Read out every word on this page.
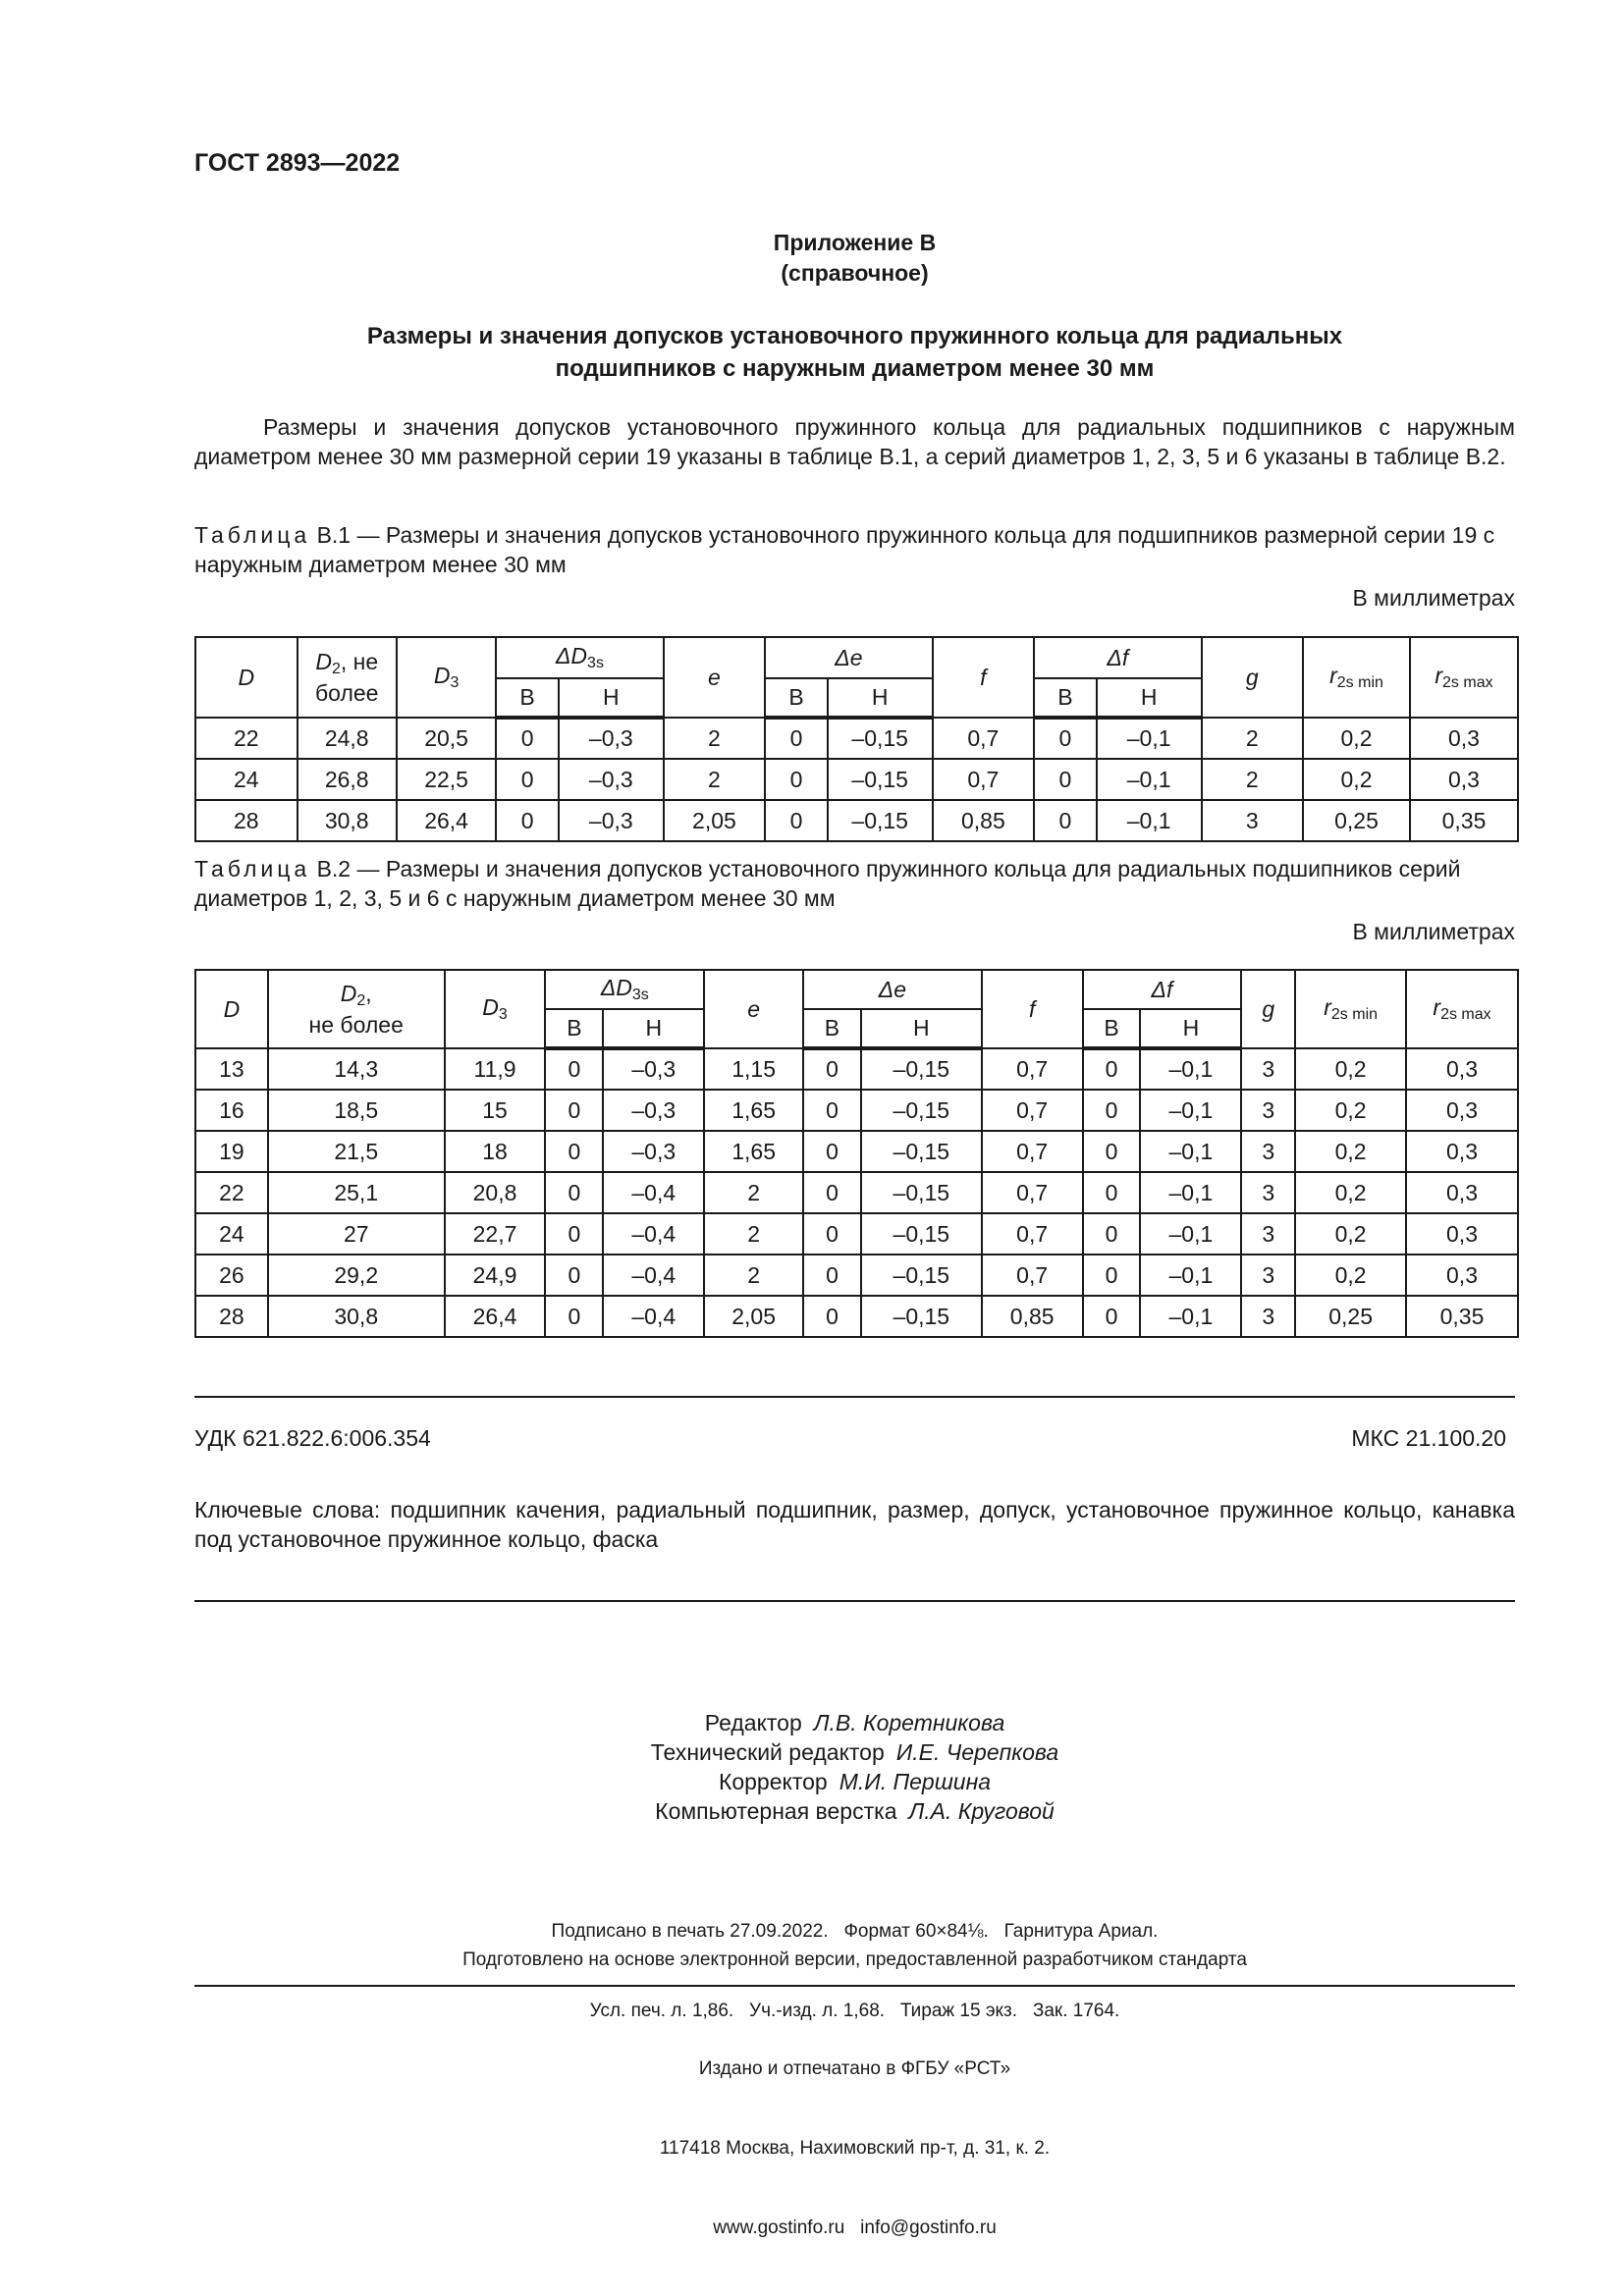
ГОСТ 2893—2022
Приложение В
(справочное)
Размеры и значения допусков установочного пружинного кольца для радиальных
подшипников с наружным диаметром менее 30 мм
Размеры и значения допусков установочного пружинного кольца для радиальных подшипников с наружным диаметром менее 30 мм размерной серии 19 указаны в таблице В.1, а серий диаметров 1, 2, 3, 5 и 6 указаны в таблице В.2.
Таблица В.1 — Размеры и значения допусков установочного пружинного кольца для подшипников размерной серии 19 с наружным диаметром менее 30 мм
В миллиметрах
D	$D_2$, не более	$D_3$	$\Delta D_{3s}$		e	Δe		f	Δf		g	$r_{2s min}$	$r_{2s max}$
			В	Н		В	Н		В	Н			
22	24,8	20,5	0	–0,3	2	0	–0,15	0,7	0	–0,1	2	0,2	0,3
24	26,8	22,5	0	–0,3	2	0	–0,15	0,7	0	–0,1	2	0,2	0,3
28	30,8	26,4	0	–0,3	2,05	0	–0,15	0,85	0	–0,1	3	0,25	0,35
Таблица В.2 — Размеры и значения допусков установочного пружинного кольца для радиальных подшипников серий диаметров 1, 2, 3, 5 и 6 с наружным диаметром менее 30 мм
В миллиметрах
D	$D_2$,
не более	$D_3$	$\Delta D_{3s}$		e	Δe		f	Δf		g	$r_{2s min}$	$r_{2s max}$
			В	Н		В	Н		В	Н			
13	14,3	11,9	0	–0,3	1,15	0	–0,15	0,7	0	–0,1	3	0,2	0,3
16	18,5	15	0	–0,3	1,65	0	–0,15	0,7	0	–0,1	3	0,2	0,3
19	21,5	18	0	–0,3	1,65	0	–0,15	0,7	0	–0,1	3	0,2	0,3
22	25,1	20,8	0	–0,4	2	0	–0,15	0,7	0	–0,1	3	0,2	0,3
24	27	22,7	0	–0,4	2	0	–0,15	0,7	0	–0,1	3	0,2	0,3
26	29,2	24,9	0	–0,4	2	0	–0,15	0,7	0	–0,1	3	0,2	0,3
28	30,8	26,4	0	–0,4	2,05	0	–0,15	0,85	0	–0,1	3	0,25	0,35
УДК 621.822.6:006.354	МКС 21.100.20
Ключевые слова: подшипник качения, радиальный подшипник, размер, допуск, установочное пружинное кольцо, канавка под установочное пружинное кольцо, фаска
Редактор Л.В. Коретникова
Технический редактор И.Е. Черепкова
Корректор М.И. Першина
Компьютерная верстка Л.А. Круговой

Подписано в печать 27.09.2022.   Формат 60×84⅛.   Гарнитура Ариал.

Усл. печ. л. 1,86.   Уч.-изд. л. 1,68.   Тираж 15 экз.   Зак. 1764.

Подготовлено на основе электронной версии, предоставленной разработчиком стандарта

Издано и отпечатано в ФГБУ «РСТ»

117418 Москва, Нахимовский пр-т, д. 31, к. 2.

www.gostinfo.ru   info@gostinfo.ru
